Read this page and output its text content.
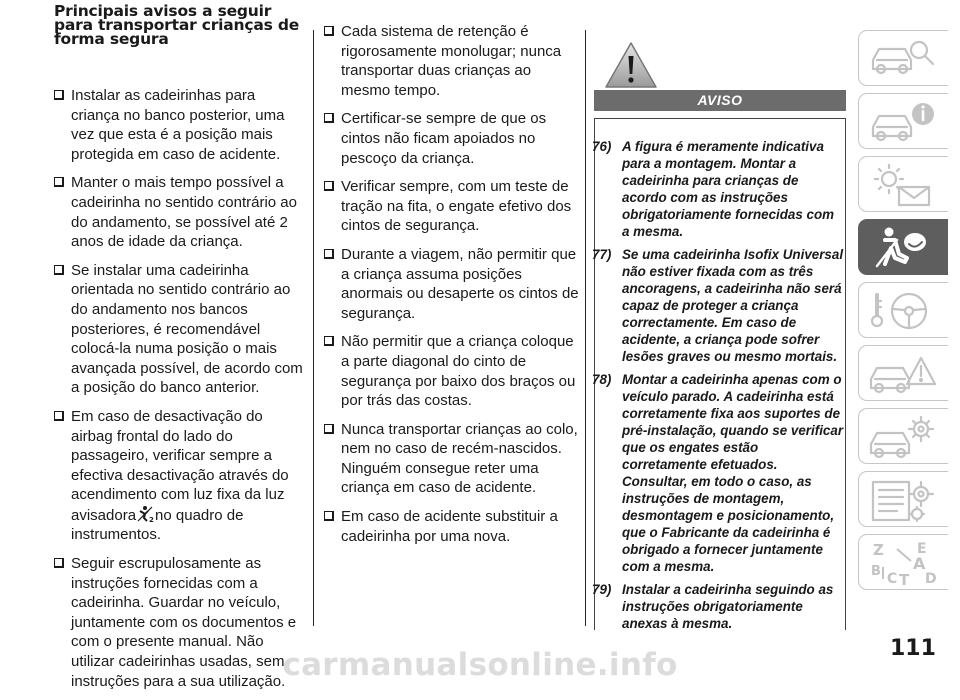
Principais avisos a seguir para transportar crianças de forma segura
Instalar as cadeirinhas para criança no banco posterior, uma vez que esta é a posição mais protegida em caso de acidente.
Manter o mais tempo possível a cadeirinha no sentido contrário ao do andamento, se possível até 2 anos de idade da criança.
Se instalar uma cadeirinha orientada no sentido contrário ao do andamento nos bancos posteriores, é recomendável colocá-la numa posição o mais avançada possível, de acordo com a posição do banco anterior.
Em caso de desactivação do airbag frontal do lado do passageiro, verificar sempre a efectiva desactivação através do acendimento com luz fixa da luz avisadora 2 no quadro de instrumentos.
Seguir escrupulosamente as instruções fornecidas com a cadeirinha. Guardar no veículo, juntamente com os documentos e com o presente manual. Não utilizar cadeirinhas usadas, sem instruções para a sua utilização.
Cada sistema de retenção é rigorosamente monolugar; nunca transportar duas crianças ao mesmo tempo.
Certificar-se sempre de que os cintos não ficam apoiados no pescoço da criança.
Verificar sempre, com um teste de tração na fita, o engate efetivo dos cintos de segurança.
Durante a viagem, não permitir que a criança assuma posições anormais ou desaperte os cintos de segurança.
Não permitir que a criança coloque a parte diagonal do cinto de segurança por baixo dos braços ou por trás das costas.
Nunca transportar crianças ao colo, nem no caso de recém-nascidos. Ninguém consegue reter uma criança em caso de acidente.
Em caso de acidente substituir a cadeirinha por uma nova.
AVISO
76) A figura é meramente indicativa para a montagem. Montar a cadeirinha para crianças de acordo com as instruções obrigatoriamente fornecidas com a mesma.
77) Se uma cadeirinha Isofix Universal não estiver fixada com as três ancoragens, a cadeirinha não será capaz de proteger a criança correctamente. Em caso de acidente, a criança pode sofrer lesões graves ou mesmo mortais.
78) Montar a cadeirinha apenas com o veículo parado. A cadeirinha está corretamente fixa aos suportes de pré-instalação, quando se verificar que os engates estão corretamente efetuados. Consultar, em todo o caso, as instruções de montagem, desmontagem e posicionamento, que o Fabricante da cadeirinha é obrigado a fornecer juntamente com a mesma.
79) Instalar a cadeirinha seguindo as instruções obrigatoriamente anexas à mesma.
Z E
B A
C T D
111
carmanualsonline.info
